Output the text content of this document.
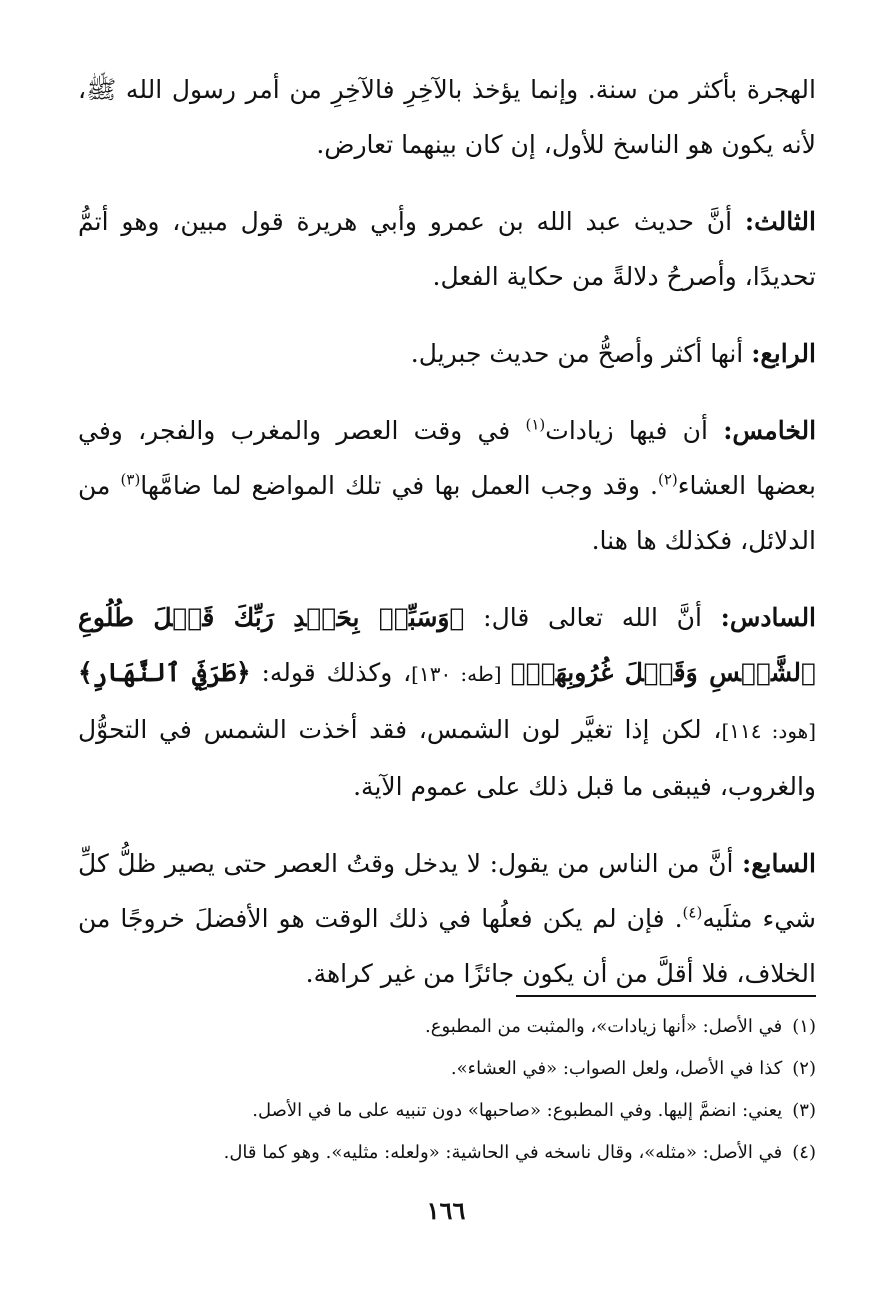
الهجرة بأكثر من سنة. وإنما يؤخذ بالآخِرِ فالآخِرِ من أمر رسول الله ﷺ، لأنه يكون هو الناسخ للأول، إن كان بينهما تعارض.

الثالث: أنَّ حديث عبد الله بن عمرو وأبي هريرة قول مبين، وهو أتمُّ تحديدًا، وأصرحُ دلالةً من حكاية الفعل.

الرابع: أنها أكثر وأصحُّ من حديث جبريل.

الخامس: أن فيها زيادات$^{(١)}$ في وقت العصر والمغرب والفجر، وفي بعضها العشاء$^{(٢)}$. وقد وجب العمل بها في تلك المواضع لما ضامَّها$^{(٣)}$ من الدلائل، فكذلك ها هنا.

السادس: أنَّ الله تعالى قال: ﴿وَسَبِّحۡ بِحَمۡدِ رَبِّكَ قَبۡلَ طُلُوعِ ٱلشَّمۡسِ وَقَبۡلَ غُرُوبِهَاۖ﴾ [طه: ١٣٠]، وكذلك قوله: ﴿طَرَفَيِ ٱلنَّهَارِ﴾ [هود: ١١٤]، لكن إذا تغيَّر لون الشمس، فقد أخذت الشمس في التحوُّل والغروب، فيبقى ما قبل ذلك على عموم الآية.

السابع: أنَّ من الناس من يقول: لا يدخل وقتُ العصر حتى يصير ظلُّ كلِّ شيء مثلَيه$^{(٤)}$. فإن لم يكن فعلُها في ذلك الوقت هو الأفضلَ خروجًا من الخلاف، فلا أقلَّ من أن يكون جائزًا من غير كراهة.

(١)في الأصل: «أنها زيادات»، والمثبت من المطبوع.
(٢)كذا في الأصل، ولعل الصواب: «في العشاء».
(٣)يعني: انضمَّ إليها. وفي المطبوع: «صاحبها» دون تنبيه على ما في الأصل.
(٤)في الأصل: «مثله»، وقال ناسخه في الحاشية: «ولعله: مثليه». وهو كما قال.
١٦٦
